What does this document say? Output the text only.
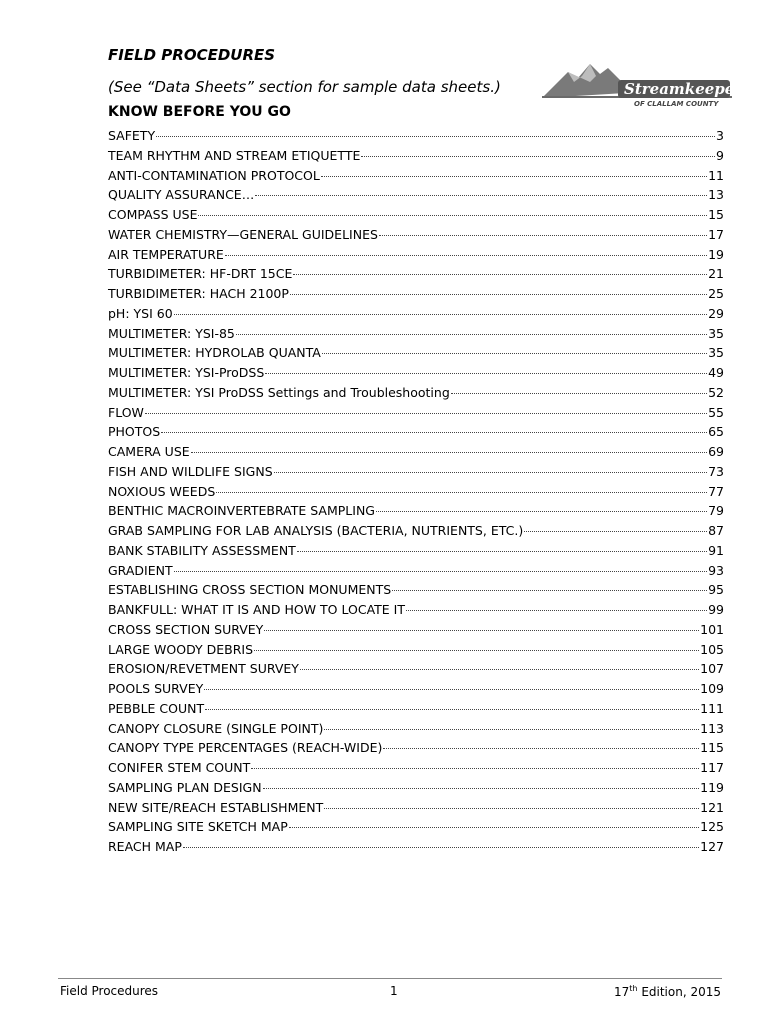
FIELD PROCEDURES
(See “Data Sheets” section for sample data sheets.)
KNOW BEFORE YOU GO
Streamkeepers
OF CLALLAM COUNTY
SAFETY	3
TEAM RHYTHM AND STREAM ETIQUETTE	9
ANTI-CONTAMINATION PROTOCOL	11
QUALITY ASSURANCE…	13
COMPASS USE	15
WATER CHEMISTRY—GENERAL GUIDELINES	17
AIR TEMPERATURE	19
TURBIDIMETER: HF-DRT 15CE	21
TURBIDIMETER: HACH 2100P	25
pH: YSI 60	29
MULTIMETER: YSI-85	35
MULTIMETER: HYDROLAB QUANTA	35
MULTIMETER: YSI-ProDSS	49
MULTIMETER: YSI ProDSS Settings and Troubleshooting	52
FLOW	55
PHOTOS	65
CAMERA USE	69
FISH AND WILDLIFE SIGNS	73
NOXIOUS WEEDS	77
BENTHIC MACROINVERTEBRATE SAMPLING	79
GRAB SAMPLING FOR LAB ANALYSIS (BACTERIA, NUTRIENTS, ETC.)	87
BANK STABILITY ASSESSMENT	91
GRADIENT	93
ESTABLISHING CROSS SECTION MONUMENTS	95
BANKFULL: WHAT IT IS AND HOW TO LOCATE IT	99
CROSS SECTION SURVEY	101
LARGE WOODY DEBRIS	105
EROSION/REVETMENT SURVEY	107
POOLS SURVEY	109
PEBBLE COUNT	111
CANOPY CLOSURE (SINGLE POINT)	113
CANOPY TYPE PERCENTAGES (REACH-WIDE)	115
CONIFER STEM COUNT	117
SAMPLING PLAN DESIGN	119
NEW SITE/REACH ESTABLISHMENT	121
SAMPLING SITE SKETCH MAP	125
REACH MAP	127
Field Procedures	1	17th Edition, 2015
